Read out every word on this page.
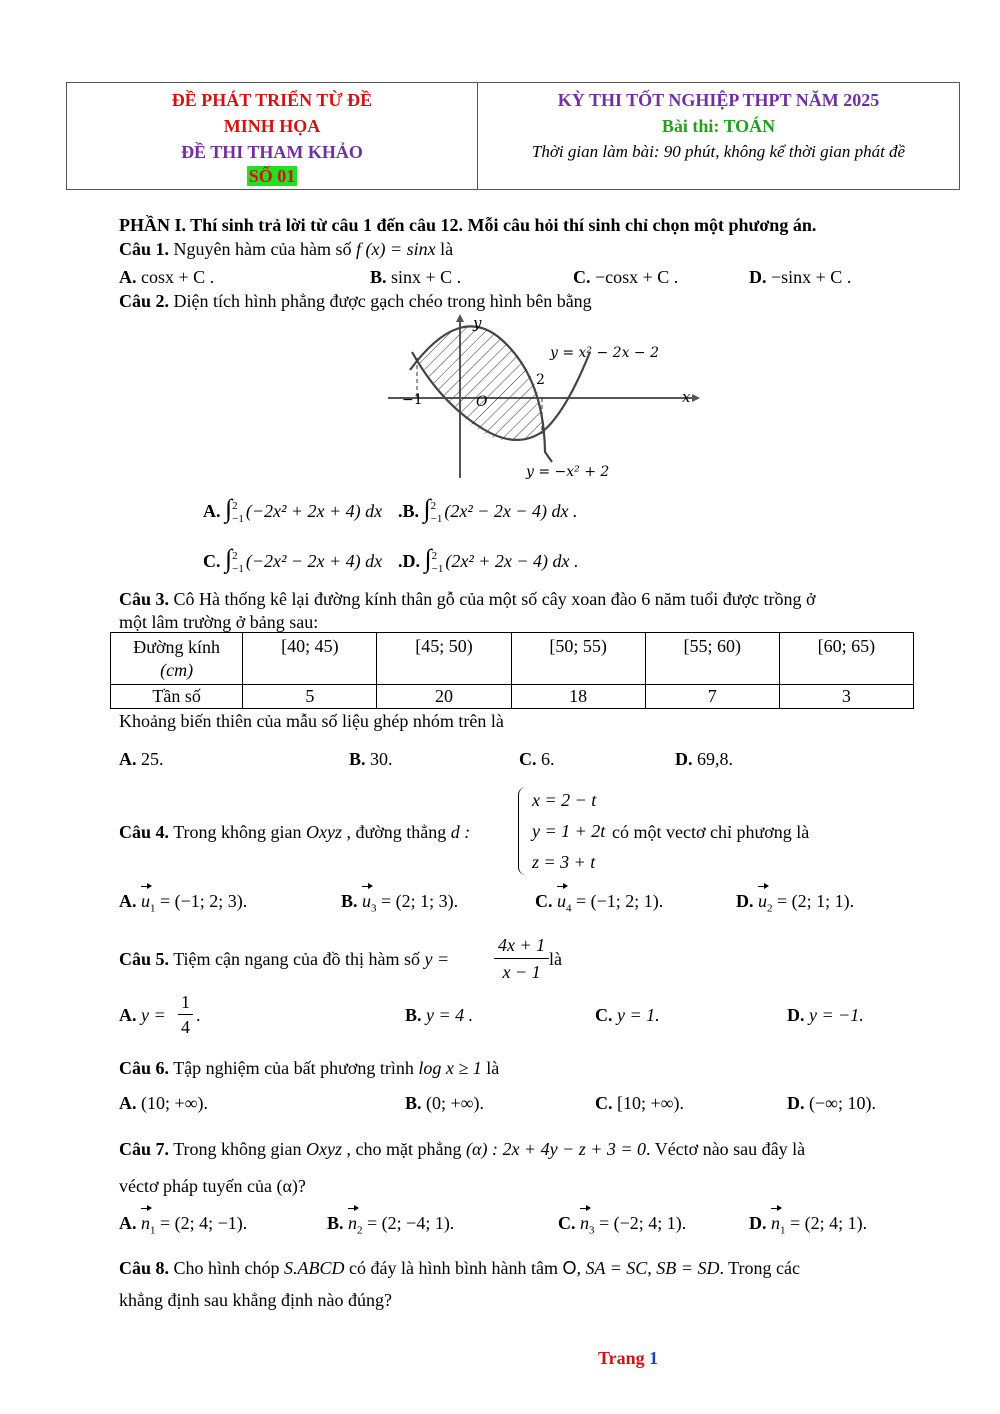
ĐỀ PHÁT TRIỂN TỪ ĐỀ
MINH HỌA
ĐỀ THI THAM KHẢO
SỐ 01
KỲ THI TỐT NGHIỆP THPT NĂM 2025
Bài thi: TOÁN
Thời gian làm bài: 90 phút, không kể thời gian phát đề
PHẦN I. Thí sinh trả lời từ câu 1 đến câu 12. Mỗi câu hỏi thí sinh chỉ chọn một phương án.
Câu 1. Nguyên hàm của hàm số f (x) = sinx là
A. cosx + C .	B. sinx + C .	C. −cosx + C .	D. −sinx + C .
Câu 2. Diện tích hình phẳng được gạch chéo trong hình bên bằng
y
x
O
−1
2
y = x² − 2x − 2
y = −x² + 2
A. ∫2
−1 (−2x² + 2x + 4) dx .B. ∫2
−1 (2x² − 2x − 4) dx .
C. ∫2
−1 (−2x² − 2x + 4) dx .D. ∫2
−1 (2x² + 2x − 4) dx .
Câu 3. Cô Hà thống kê lại đường kính thân gỗ của một số cây xoan đào 6 năm tuổi được trồng ở
một lâm trường ở bảng sau:
Đường kính
(cm)	[40; 45)	[45; 50)	[50; 55)	[55; 60)	[60; 65)
Tần số	5	20	18	7	3
Khoảng biến thiên của mẫu số liệu ghép nhóm trên là
A. 25.	B. 30.	C. 6.	D. 69,8.
Câu 4. Trong không gian Oxyz , đường thẳng d :
x = 2 − t
y = 1 + 2t
z = 3 + t
có một vectơ chỉ phương là
A. $u_1 = (-1$; 2; 3).	B. $u_3 = (2$; 1; 3).	C. $u_4 = (-1$; 2; 1).	D. $u_2 = (2$; 1; 1).
Câu 5. Tiệm cận ngang của đồ thị hàm số y =
4x + 1
x − 1
là
A. y =
1
4
.	B. y = 4 .	C. y = 1.	D. y = −1.
Câu 6. Tập nghiệm của bất phương trình log x ≥ 1 là
A. (10; +∞).	B. (0; +∞).	C. [10; +∞).	D. (−∞; 10).
Câu 7. Trong không gian Oxyz , cho mặt phẳng (α) : 2x + 4y − z + 3 = 0. Véctơ nào sau đây là
véctơ pháp tuyến của (α)?
A. $n_1 = (2$; 4; −1).	B. $n_2 = (2$; −4; 1).	C. $n_3 = (-2$; 4; 1).	D. $n_1 = (2$; 4; 1).
Câu 8. Cho hình chóp S.ABCD có đáy là hình bình hành tâm O, SA = SC, SB = SD. Trong các
khẳng định sau khẳng định nào đúng?
Trang 1
